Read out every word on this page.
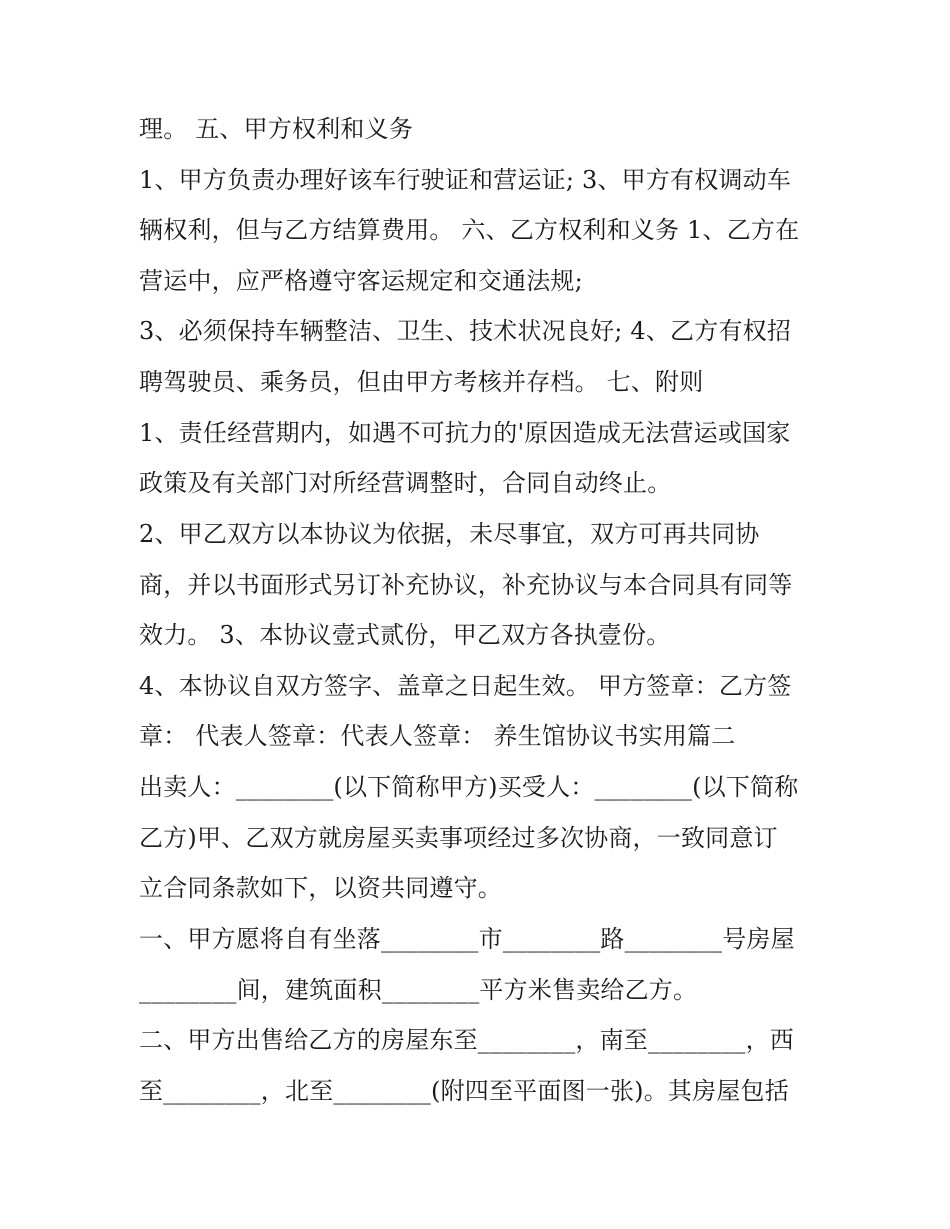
理。 五、甲方权利和义务
1、甲方负责办理好该车行驶证和营运证; 3、甲方有权调动车
辆权利，但与乙方结算费用。 六、乙方权利和义务 1、乙方在
营运中，应严格遵守客运规定和交通法规;
3、必须保持车辆整洁、卫生、技术状况良好; 4、乙方有权招
聘驾驶员、乘务员，但由甲方考核并存档。 七、附则
1、责任经营期内，如遇不可抗力的'原因造成无法营运或国家
政策及有关部门对所经营调整时，合同自动终止。
2、甲乙双方以本协议为依据，未尽事宜，双方可再共同协
商，并以书面形式另订补充协议，补充协议与本合同具有同等
效力。 3、本协议壹式贰份，甲乙双方各执壹份。
4、本协议自双方签字、盖章之日起生效。 甲方签章：乙方签
章： 代表人签章：代表人签章： 养生馆协议书实用篇二
出卖人：________(以下简称甲方)买受人：________(以下简称
乙方)甲、乙双方就房屋买卖事项经过多次协商，一致同意订
立合同条款如下，以资共同遵守。
一、甲方愿将自有坐落________市________路________号房屋
________间，建筑面积________平方米售卖给乙方。
二、甲方出售给乙方的房屋东至________，南至________，西
至________，北至________(附四至平面图一张)。其房屋包括
